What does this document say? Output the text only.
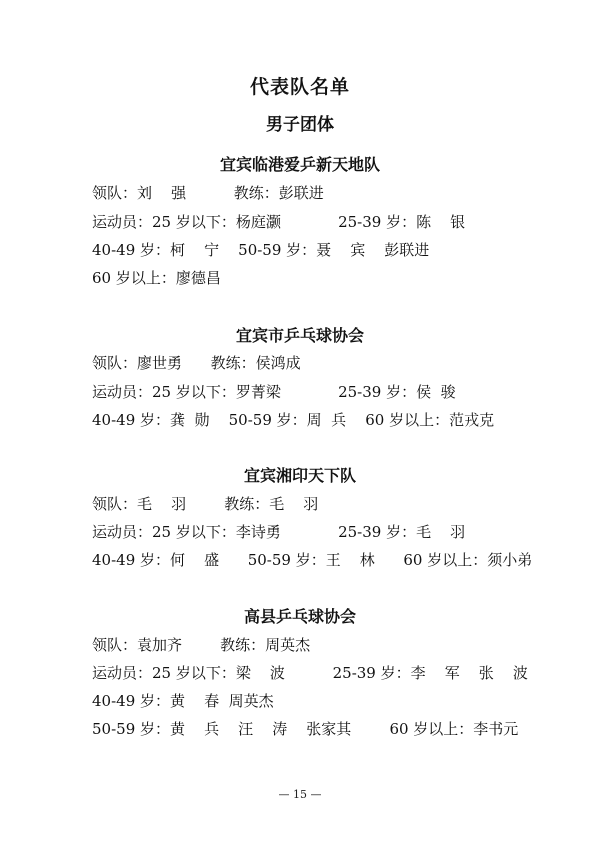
代表队名单
男子团体
宜宾临港爱乒新天地队
领队：刘    强          教练：彭联进
运动员：25 岁以下：杨庭灏            25-39 岁：陈    银
40-49 岁：柯    宁    50-59 岁：聂    宾    彭联进
60 岁以上：廖德昌
宜宾市乒乓球协会
领队：廖世勇      教练：侯鸿成
运动员：25 岁以下：罗菁梁            25-39 岁：侯  骏
40-49 岁：龚  勋    50-59 岁：周  兵    60 岁以上：范戎克
宜宾湘印天下队
领队：毛    羽        教练：毛    羽
运动员：25 岁以下：李诗勇            25-39 岁：毛    羽
40-49 岁：何    盛      50-59 岁：王    林      60 岁以上：须小弟
高县乒乓球协会
领队：袁加齐        教练：周英杰
运动员：25 岁以下：梁    波          25-39 岁：李    军    张    波
40-49 岁：黄    春  周英杰
50-59 岁：黄    兵    汪    涛    张家其        60 岁以上：李书元
— 15 —
